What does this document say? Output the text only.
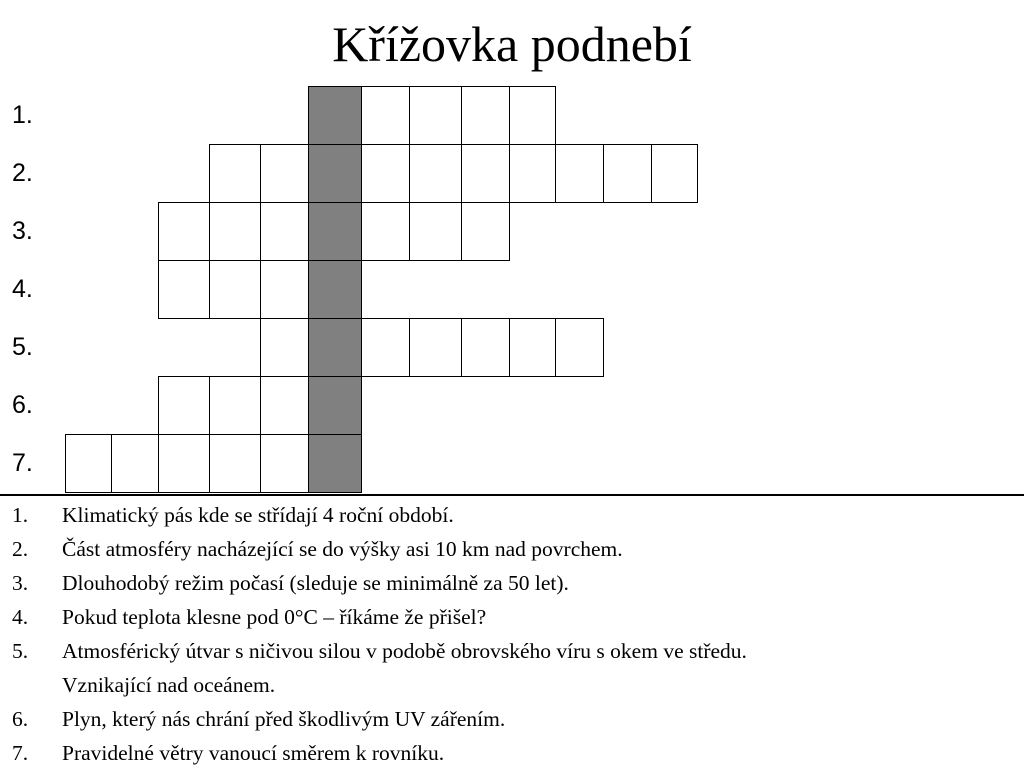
Křížovka podnebí
1.
2.
3.
4.
5.
6.
7.
1. Klimatický pás kde se střídají 4 roční období.
2. Část atmosféry nacházející se do výšky asi 10 km nad povrchem.
3. Dlouhodobý režim počasí (sleduje se minimálně za 50 let).
4. Pokud teplota klesne pod 0°C – říkáme že přišel?
5. Atmosférický útvar s ničivou silou v podobě obrovského víru s okem ve středu.
Vznikající nad oceánem.
6. Plyn, který nás chrání před škodlivým UV zářením.
7. Pravidelné větry vanoucí směrem k rovníku.
